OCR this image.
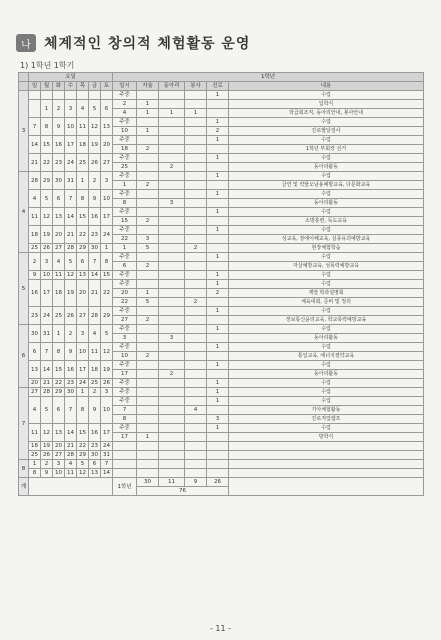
나 체계적인 창의적 체험활동 운영
1) 1학년 1학기
	요일							1학년					
	일	월	화	수	목	금	토	일시	자율	동아리	봉사	진로	내용
3								주중				1	수업
		1	2	3	4	5	6	2	1				입학식
								4	1	1	1		학급회조직, 동아리안내, 봉사안내
	7	8	9	10	11	12	13	주중				1	수업
								10	1			2	진로발달검사
	14	15	16	17	18	19	20	주중				1	수업
								18	2				1학년 부회장 선거
	21	22	23	24	25	26	27	주중				1	수업
								25		2			동아리활동
4	28	29	30	31	1	2	3	주중				1	수업
								1	2				금연 및 약물오남용예방교육, 다문화교육
	4	5	6	7	8	9	10	주중				1	수업
								8		3			동아리활동
	11	12	13	14	15	16	17	주중				1	수업
								15	2				소방훈련, 독도교육
	18	19	20	21	22	23	24	주중				1	수업
								22	3				성교육, 장애이해교육, 실종유괴예방교육
	25	26	27	28	29	30	1	1	5		2		현장체험학습
5	2	3	4	5	6	7	8	주중				1	수업
								6	2				자살예방교육, 성폭력예방교육
	9	10	11	12	13	14	15	주중				1	수업
	16	17	18	19	20	21	22	주중				1	수업
								20	1			2	계열 학과설명회
								22	5		2		체육대회, 준비 및 정리
	23	24	25	26	27	28	29	주중				1	수업
								27	2				정보통신윤리교육, 학교폭력예방교육
6	30	31	1	2	3	4	5	주중				1	수업
								3		3			동아리활동
	6	7	8	9	10	11	12	주중				1	수업
								10	2				통일교육, 에너지절약교육
	13	14	15	16	17	18	19	주중				1	수업
								17		2			동아리활동
	20	21	22	23	24	25	26	주중				1	수업
7	27	28	29	30	1	2	3	주중				1	수업
	4	5	6	7	8	9	10	주중				1	수업
								7			4		기아체험활동
								8				3	진로직업캠프
	11	12	13	14	15	16	17	주중				1	수업
								17	1				방학식
	18	19	20	21	22	23	24						
	25	26	27	28	29	30	31						
8	1	2	3	4	5	6	7						
	8	9	10	11	12	13	14						
계								1학년	30	11	9	26	
									76				
- 11 -
